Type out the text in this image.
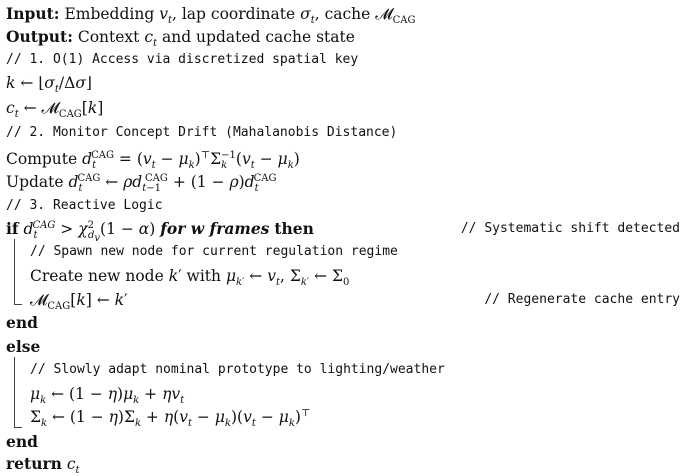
Input: Embedding $v_t$, lap coordinate $\sigma_t$, cache 𝓜$_{CAG}$
Output: Context $c_t$ and updated cache state
// 1. O(1) Access via discretized spatial key
k ← $⌊\sigma_t/\Delta\sigma⌋$
$c_t$ ← 𝓜$_{CAG}$[k]
// 2. Monitor Concept Drift (Mahalanobis Distance)
Compute $d_t^{CAG} = (v_t - \mu_k)^⊤\Sigma_k^{-1}(v_t - \mu_k)$
Update $d_t^{CAG}$ ← $\rho d_{t-1}^{CAG} + (1 - \rho)d_t^{CAG}$
// 3. Reactive Logic
if $d_t^{CAG} > \chi^2_{d_v}(1 - \alpha)$ for w frames then	// Systematic shift detected
// Spawn new node for current regulation regime
Create new node k′ with $\mu_{k'}$ ← $v_t$, $\Sigma_{k'}$ ← $\Sigma_0$
𝓜$_{CAG}$[k] ← k′	// Regenerate cache entry
end
else
// Slowly adapt nominal prototype to lighting/weather
$\mu_k$ ← $(1 - \eta)\mu_k + \eta v_t$
$\Sigma_k$ ← $(1 - \eta)\Sigma_k + \eta(v_t - \mu_k)(v_t - \mu_k)^⊤$
end
return $c_t$
